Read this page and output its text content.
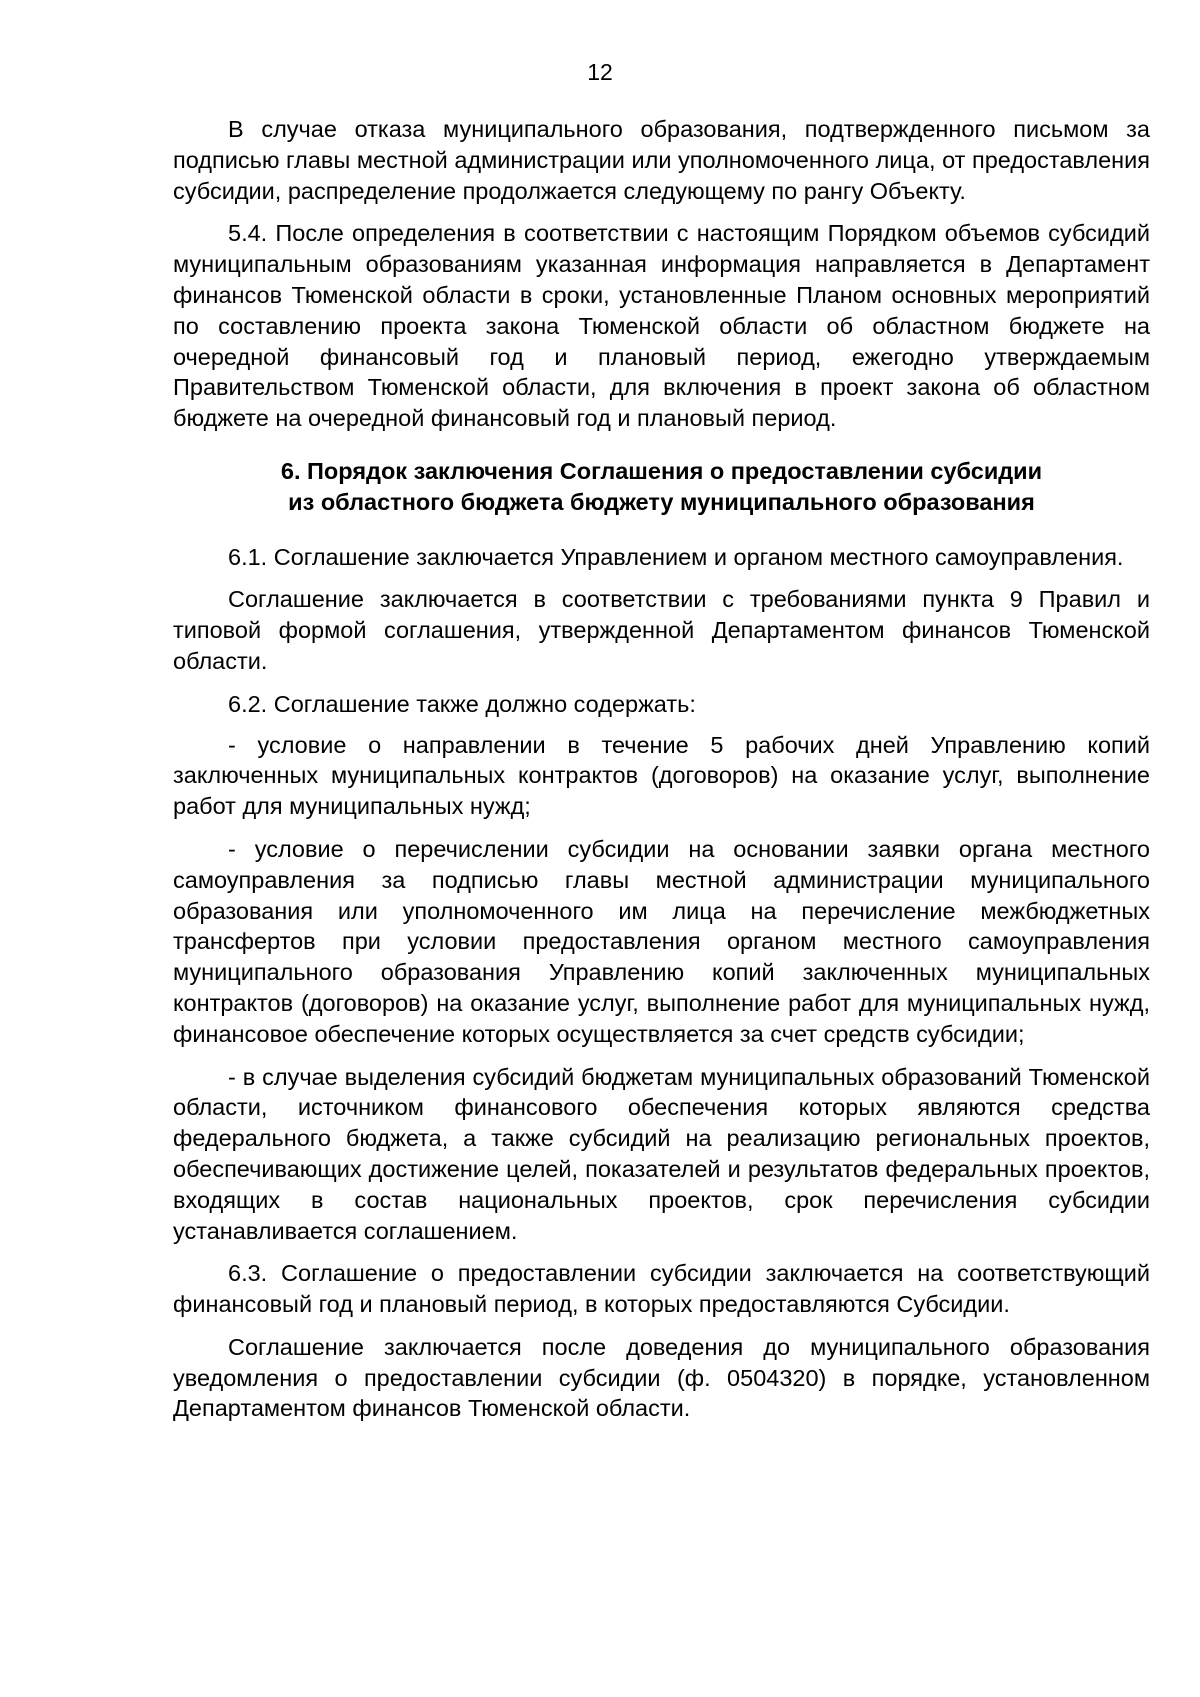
12

В случае отказа муниципального образования, подтвержденного письмом за подписью главы местной администрации или уполномоченного лица, от предоставления субсидии, распределение продолжается следующему по рангу Объекту.

5.4. После определения в соответствии с настоящим Порядком объемов субсидий муниципальным образованиям указанная информация направляется в Департамент финансов Тюменской области в сроки, установленные Планом основных мероприятий по составлению проекта закона Тюменской области об областном бюджете на очередной финансовый год и плановый период, ежегодно утверждаемым Правительством Тюменской области, для включения в проект закона об областном бюджете на очередной финансовый год и плановый период.

6. Порядок заключения Соглашения о предоставлении субсидии
из областного бюджета бюджету муниципального образования

6.1. Соглашение заключается Управлением и органом местного самоуправления.

Соглашение заключается в соответствии с требованиями пункта 9 Правил и типовой формой соглашения, утвержденной Департаментом финансов Тюменской области.

6.2. Соглашение также должно содержать:

- условие о направлении в течение 5 рабочих дней Управлению копий заключенных муниципальных контрактов (договоров) на оказание услуг, выполнение работ для муниципальных нужд;

- условие о перечислении субсидии на основании заявки органа местного самоуправления за подписью главы местной администрации муниципального образования или уполномоченного им лица на перечисление межбюджетных трансфертов при условии предоставления органом местного самоуправления муниципального образования Управлению копий заключенных муниципальных контрактов (договоров) на оказание услуг, выполнение работ для муниципальных нужд, финансовое обеспечение которых осуществляется за счет средств субсидии;

- в случае выделения субсидий бюджетам муниципальных образований Тюменской области, источником финансового обеспечения которых являются средства федерального бюджета, а также субсидий на реализацию региональных проектов, обеспечивающих достижение целей, показателей и результатов федеральных проектов, входящих в состав национальных проектов, срок перечисления субсидии устанавливается соглашением.

6.3. Соглашение о предоставлении субсидии заключается на соответствующий финансовый год и плановый период, в которых предоставляются Субсидии.

Соглашение заключается после доведения до муниципального образования уведомления о предоставлении субсидии (ф. 0504320) в порядке, установленном Департаментом финансов Тюменской области.
